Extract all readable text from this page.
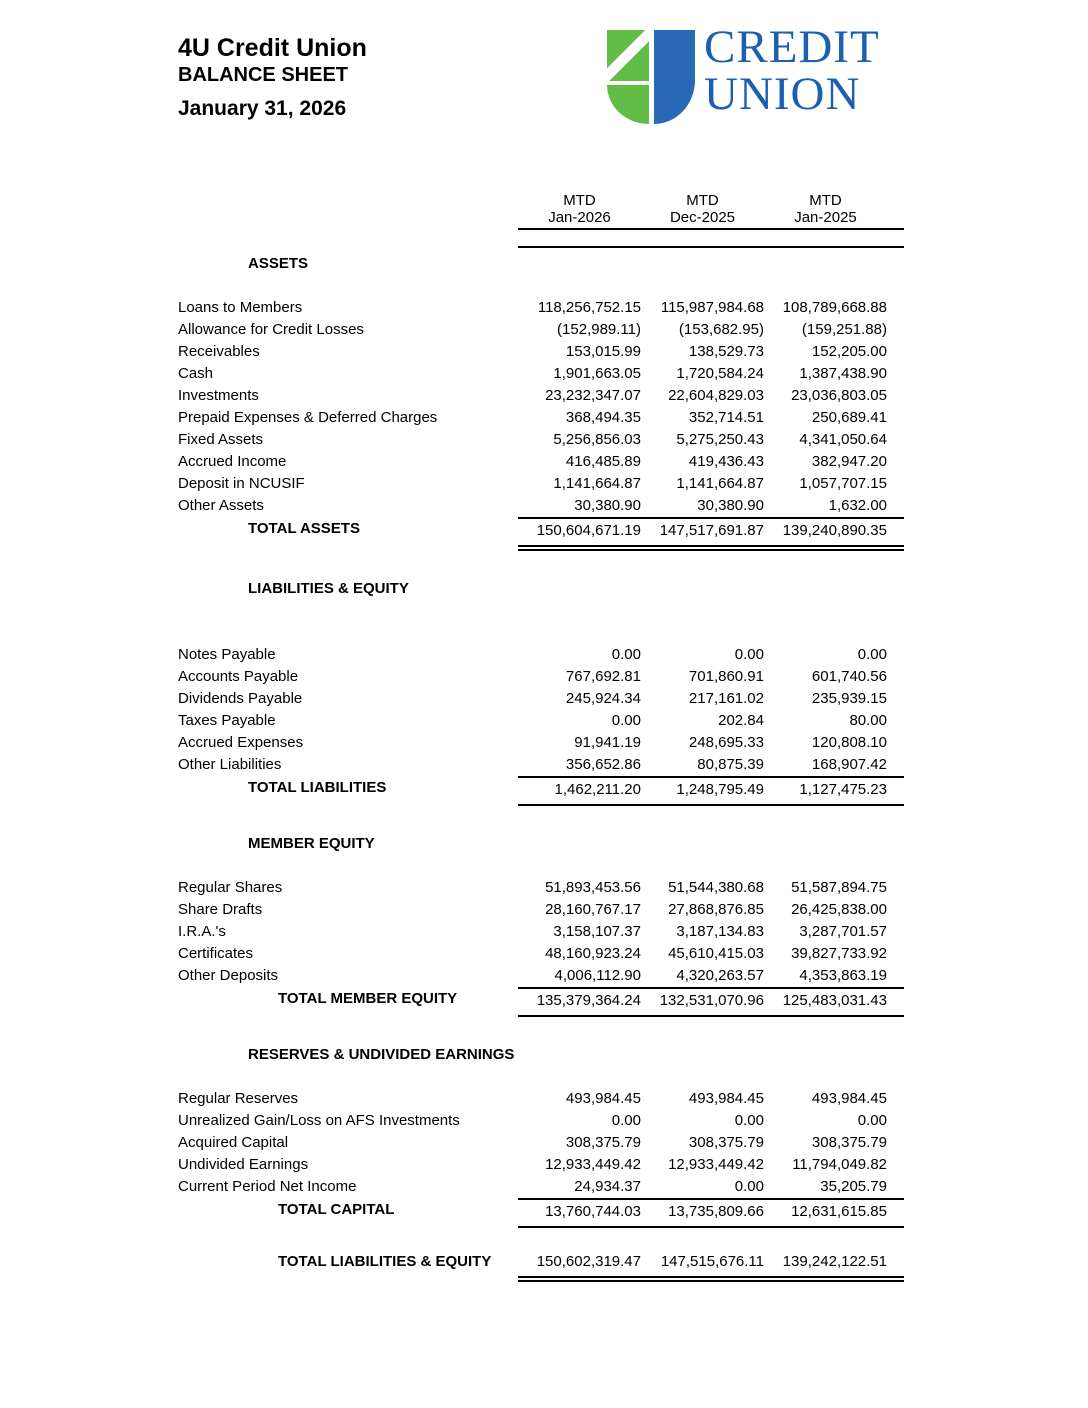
4U Credit Union
BALANCE SHEET
January 31, 2026
CREDIT
UNION
MTD
Jan-2026
MTD
Dec-2025
MTD
Jan-2025
ASSETS
Loans to Members	118,256,752.15	115,987,984.68	108,789,668.88
Allowance for Credit Losses	(152,989.11)	(153,682.95)	(159,251.88)
Receivables	153,015.99	138,529.73	152,205.00
Cash	1,901,663.05	1,720,584.24	1,387,438.90
Investments	23,232,347.07	22,604,829.03	23,036,803.05
Prepaid Expenses & Deferred Charges	368,494.35	352,714.51	250,689.41
Fixed Assets	5,256,856.03	5,275,250.43	4,341,050.64
Accrued Income	416,485.89	419,436.43	382,947.20
Deposit in NCUSIF	1,141,664.87	1,141,664.87	1,057,707.15
Other Assets	30,380.90	30,380.90	1,632.00
TOTAL ASSETS	150,604,671.19	147,517,691.87	139,240,890.35
LIABILITIES & EQUITY
Notes Payable	0.00	0.00	0.00
Accounts Payable	767,692.81	701,860.91	601,740.56
Dividends Payable	245,924.34	217,161.02	235,939.15
Taxes Payable	0.00	202.84	80.00
Accrued Expenses	91,941.19	248,695.33	120,808.10
Other Liabilities	356,652.86	80,875.39	168,907.42
TOTAL LIABILITIES	1,462,211.20	1,248,795.49	1,127,475.23
MEMBER EQUITY
Regular Shares	51,893,453.56	51,544,380.68	51,587,894.75
Share Drafts	28,160,767.17	27,868,876.85	26,425,838.00
I.R.A.'s	3,158,107.37	3,187,134.83	3,287,701.57
Certificates	48,160,923.24	45,610,415.03	39,827,733.92
Other Deposits	4,006,112.90	4,320,263.57	4,353,863.19
TOTAL MEMBER EQUITY	135,379,364.24	132,531,070.96	125,483,031.43
RESERVES & UNDIVIDED EARNINGS
Regular Reserves	493,984.45	493,984.45	493,984.45
Unrealized Gain/Loss on AFS Investments	0.00	0.00	0.00
Acquired Capital	308,375.79	308,375.79	308,375.79
Undivided Earnings	12,933,449.42	12,933,449.42	11,794,049.82
Current Period Net Income	24,934.37	0.00	35,205.79
TOTAL CAPITAL	13,760,744.03	13,735,809.66	12,631,615.85
TOTAL LIABILITIES & EQUITY	150,602,319.47	147,515,676.11	139,242,122.51
